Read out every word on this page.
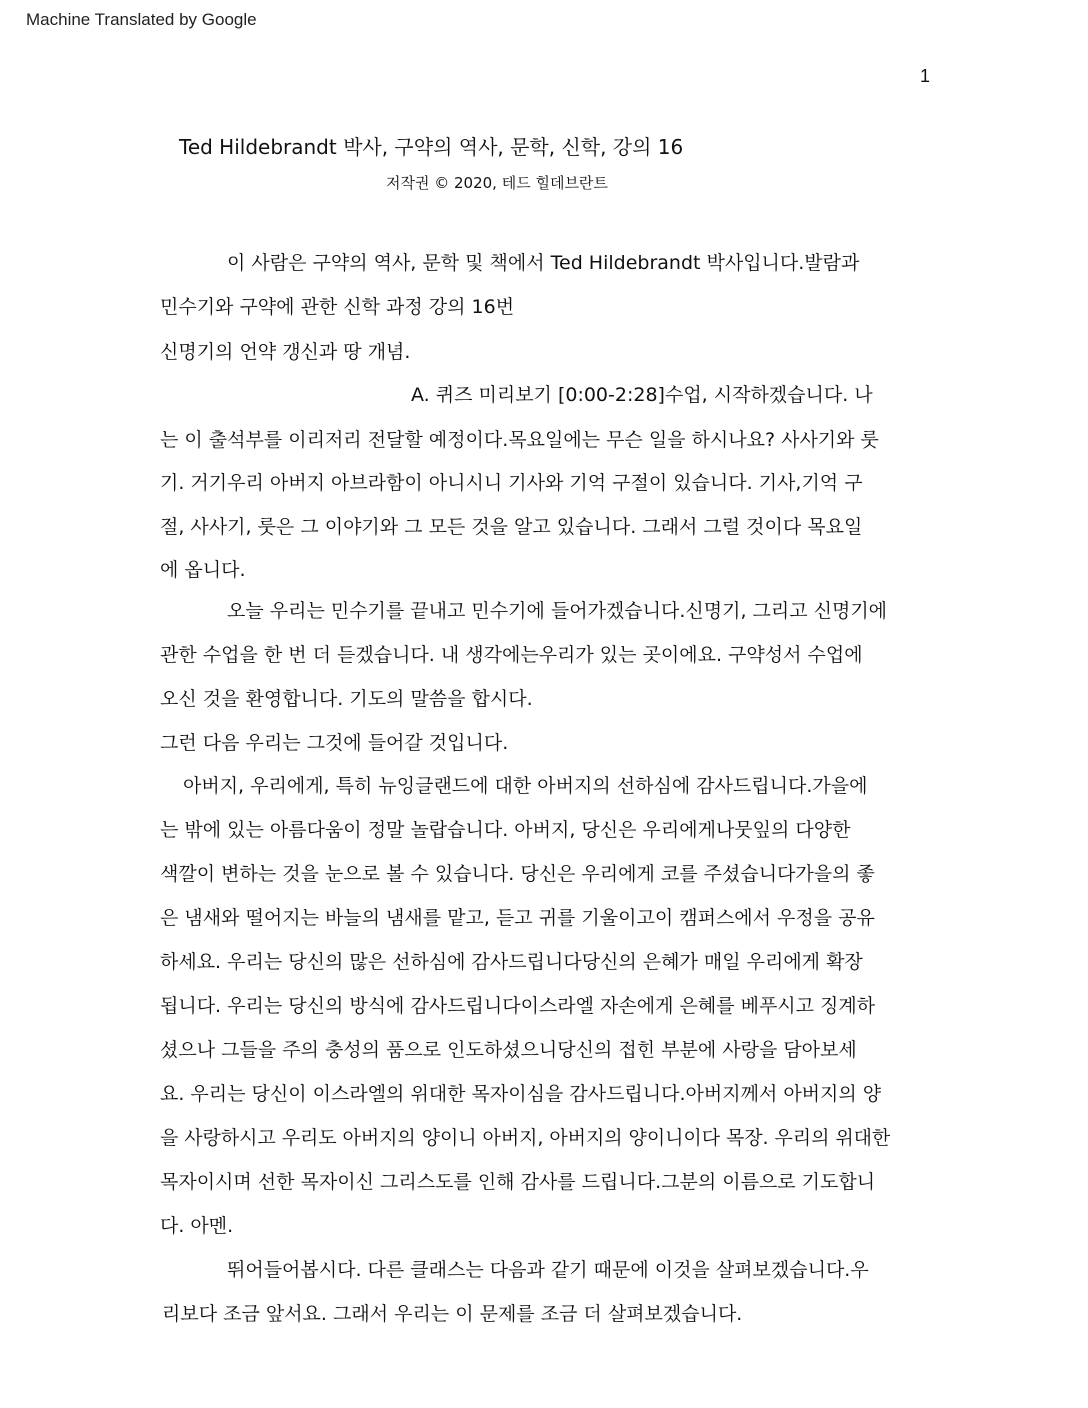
Machine Translated by Google
1
Ted Hildebrandt 박사, 구약의 역사, 문학, 신학, 강의 16
저작권 © 2020, 테드 힐데브란트
이 사람은 구약의 역사, 문학 및 책에서 Ted Hildebrandt 박사입니다.발람과
민수기와 구약에 관한 신학 과정 강의 16번
신명기의 언약 갱신과 땅 개념.
A. 퀴즈 미리보기 [0:00-2:28]수업, 시작하겠습니다. 나
는 이 출석부를 이리저리 전달할 예정이다.목요일에는 무슨 일을 하시나요? 사사기와 룻
기. 거기우리 아버지 아브라함이 아니시니 기사와 기억 구절이 있습니다. 기사,기억 구
절, 사사기, 룻은 그 이야기와 그 모든 것을 알고 있습니다. 그래서 그럴 것이다 목요일
에 옵니다.
오늘 우리는 민수기를 끝내고 민수기에 들어가겠습니다.신명기, 그리고 신명기에
관한 수업을 한 번 더 듣겠습니다. 내 생각에는우리가 있는 곳이에요. 구약성서 수업에
오신 것을 환영합니다. 기도의 말씀을 합시다.
그런 다음 우리는 그것에 들어갈 것입니다.
아버지, 우리에게, 특히 뉴잉글랜드에 대한 아버지의 선하심에 감사드립니다.가을에
는 밖에 있는 아름다움이 정말 놀랍습니다. 아버지, 당신은 우리에게나뭇잎의 다양한
색깔이 변하는 것을 눈으로 볼 수 있습니다. 당신은 우리에게 코를 주셨습니다가을의 좋
은 냄새와 떨어지는 바늘의 냄새를 맡고, 듣고 귀를 기울이고이 캠퍼스에서 우정을 공유
하세요. 우리는 당신의 많은 선하심에 감사드립니다당신의 은혜가 매일 우리에게 확장
됩니다. 우리는 당신의 방식에 감사드립니다이스라엘 자손에게 은혜를 베푸시고 징계하
셨으나 그들을 주의 충성의 품으로 인도하셨으니당신의 접힌 부분에 사랑을 담아보세
요. 우리는 당신이 이스라엘의 위대한 목자이심을 감사드립니다.아버지께서 아버지의 양
을 사랑하시고 우리도 아버지의 양이니 아버지, 아버지의 양이니이다 목장. 우리의 위대한
목자이시며 선한 목자이신 그리스도를 인해 감사를 드립니다.그분의 이름으로 기도합니
다. 아멘.
뛰어들어봅시다. 다른 클래스는 다음과 같기 때문에 이것을 살펴보겠습니다.우
리보다 조금 앞서요. 그래서 우리는 이 문제를 조금 더 살펴보겠습니다.
